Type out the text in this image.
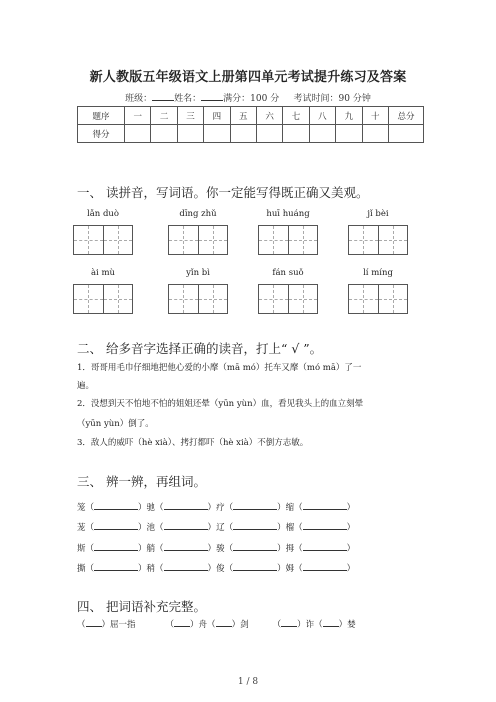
新人教版五年级语文上册第四单元考试提升练习及答案
班级： 姓名： 满分：100 分 考试时间：90 分钟
题序	一	二	三	四	五	六	七	八	九	十	总分
得分											
一、 读拼音，写词语。你一定能写得既正确又美观。
lǎn duò	dīng zhǔ	huī huáng	jǐ bèi
ài mù	yǐn bì	fán suǒ	lí míng
二、 给多音字选择正确的读音，打上“ √ ”。
1．哥哥用毛巾仔细地把他心爱的小摩（mā mó）托车又摩（mó mā）了一
遍。
2．没想到天不怕地不怕的姐姐还晕（yūn yùn）血，看见我头上的血立刻晕
（yūn yùn）倒了。
3．敌人的威吓（hè xià）、拷打都吓（hè xià）不倒方志敏。
三、 辨一辨，再组词。
笼（	） 驰（	） 疗（	） 缩（	）
茏（	） 池（	） 辽（	） 榴（	）
斯（	） 艄（	） 骏（	） 拇（	）
撕（	） 稍（	） 俊（	） 姆（	）
四、 把词语补充完整。
（ ）屈一指	（ ）舟（ ）剑	（ ）诈（ ）婪
1 / 8
